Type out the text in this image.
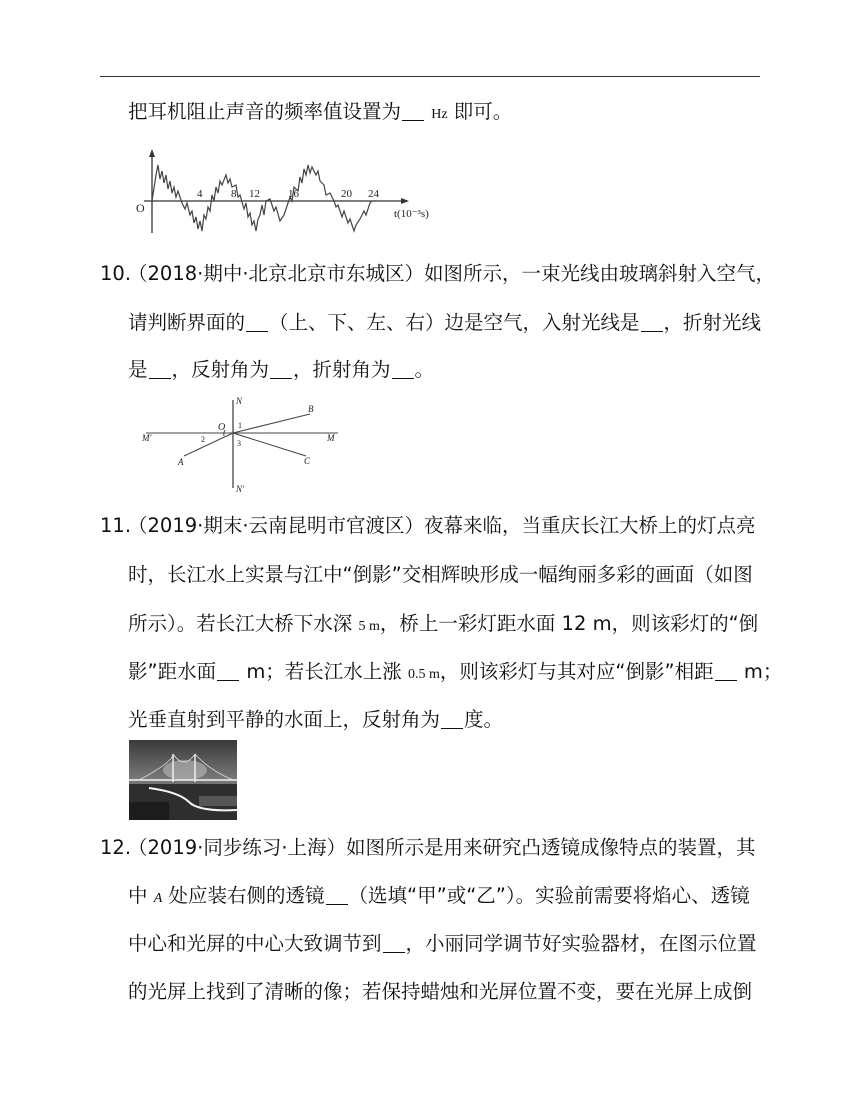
把耳机阻止声音的频率值设置为 Hz 即可。
O
4	8 12	16	20 24
t(10⁻³s)
10.（2018·期中·北京北京市东城区）如图所示，一束光线由玻璃斜射入空气，
请判断界面的 （上、下、左、右）边是空气，入射光线是 ，折射光线
是 ，反射角为 ，折射角为 。
N
N′
M
M′
O
A
B
C
1
2	3
11.（2019·期末·云南昆明市官渡区）夜幕来临，当重庆长江大桥上的灯点亮
时，长江水上实景与江中“倒影”交相辉映形成一幅绚丽多彩的画面（如图
所示）。若长江大桥下水深 5 m，桥上一彩灯距水面 12 m，则该彩灯的“倒
影”距水面 m；若长江水上涨 0.5 m，则该彩灯与其对应“倒影”相距 m；
光垂直射到平静的水面上，反射角为 度。
12.（2019·同步练习·上海）如图所示是用来研究凸透镜成像特点的装置，其
中 A 处应装右侧的透镜 （选填“甲”或“乙”）。实验前需要将焰心、透镜
中心和光屏的中心大致调节到 ，小丽同学调节好实验器材，在图示位置
的光屏上找到了清晰的像；若保持蜡烛和光屏位置不变，要在光屏上成倒
